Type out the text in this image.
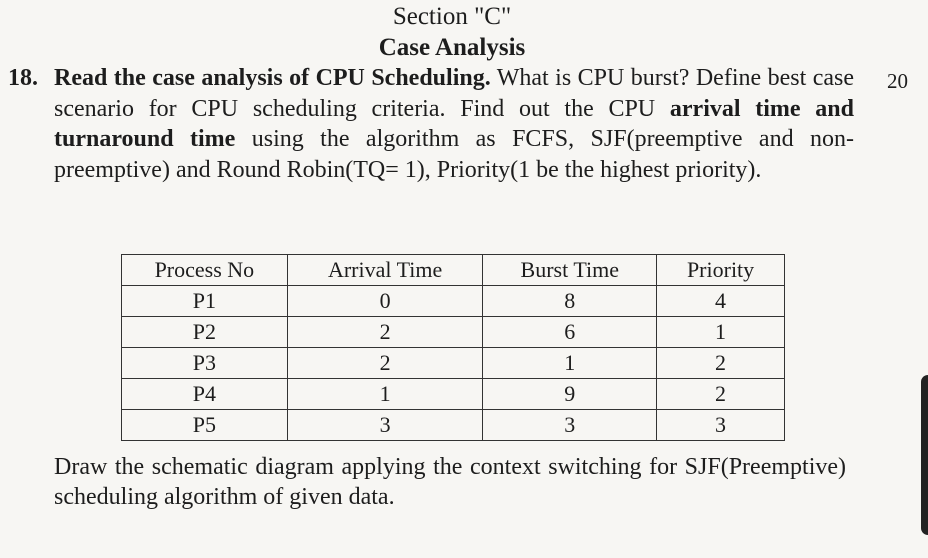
Section "C"
Case Analysis
18.	20
Read the case analysis of CPU Scheduling. What is CPU burst? Define best case scenario for CPU scheduling criteria. Find out the CPU arrival time and turnaround time using the algorithm as FCFS, SJF(preemptive and non-preemptive) and Round Robin(TQ= 1), Priority(1 be the highest priority).
Process No	Arrival Time	Burst Time	Priority
P1	0	8	4
P2	2	6	1
P3	2	1	2
P4	1	9	2
P5	3	3	3
Draw the schematic diagram applying the context switching for SJF(Preemptive) scheduling algorithm of given data.
